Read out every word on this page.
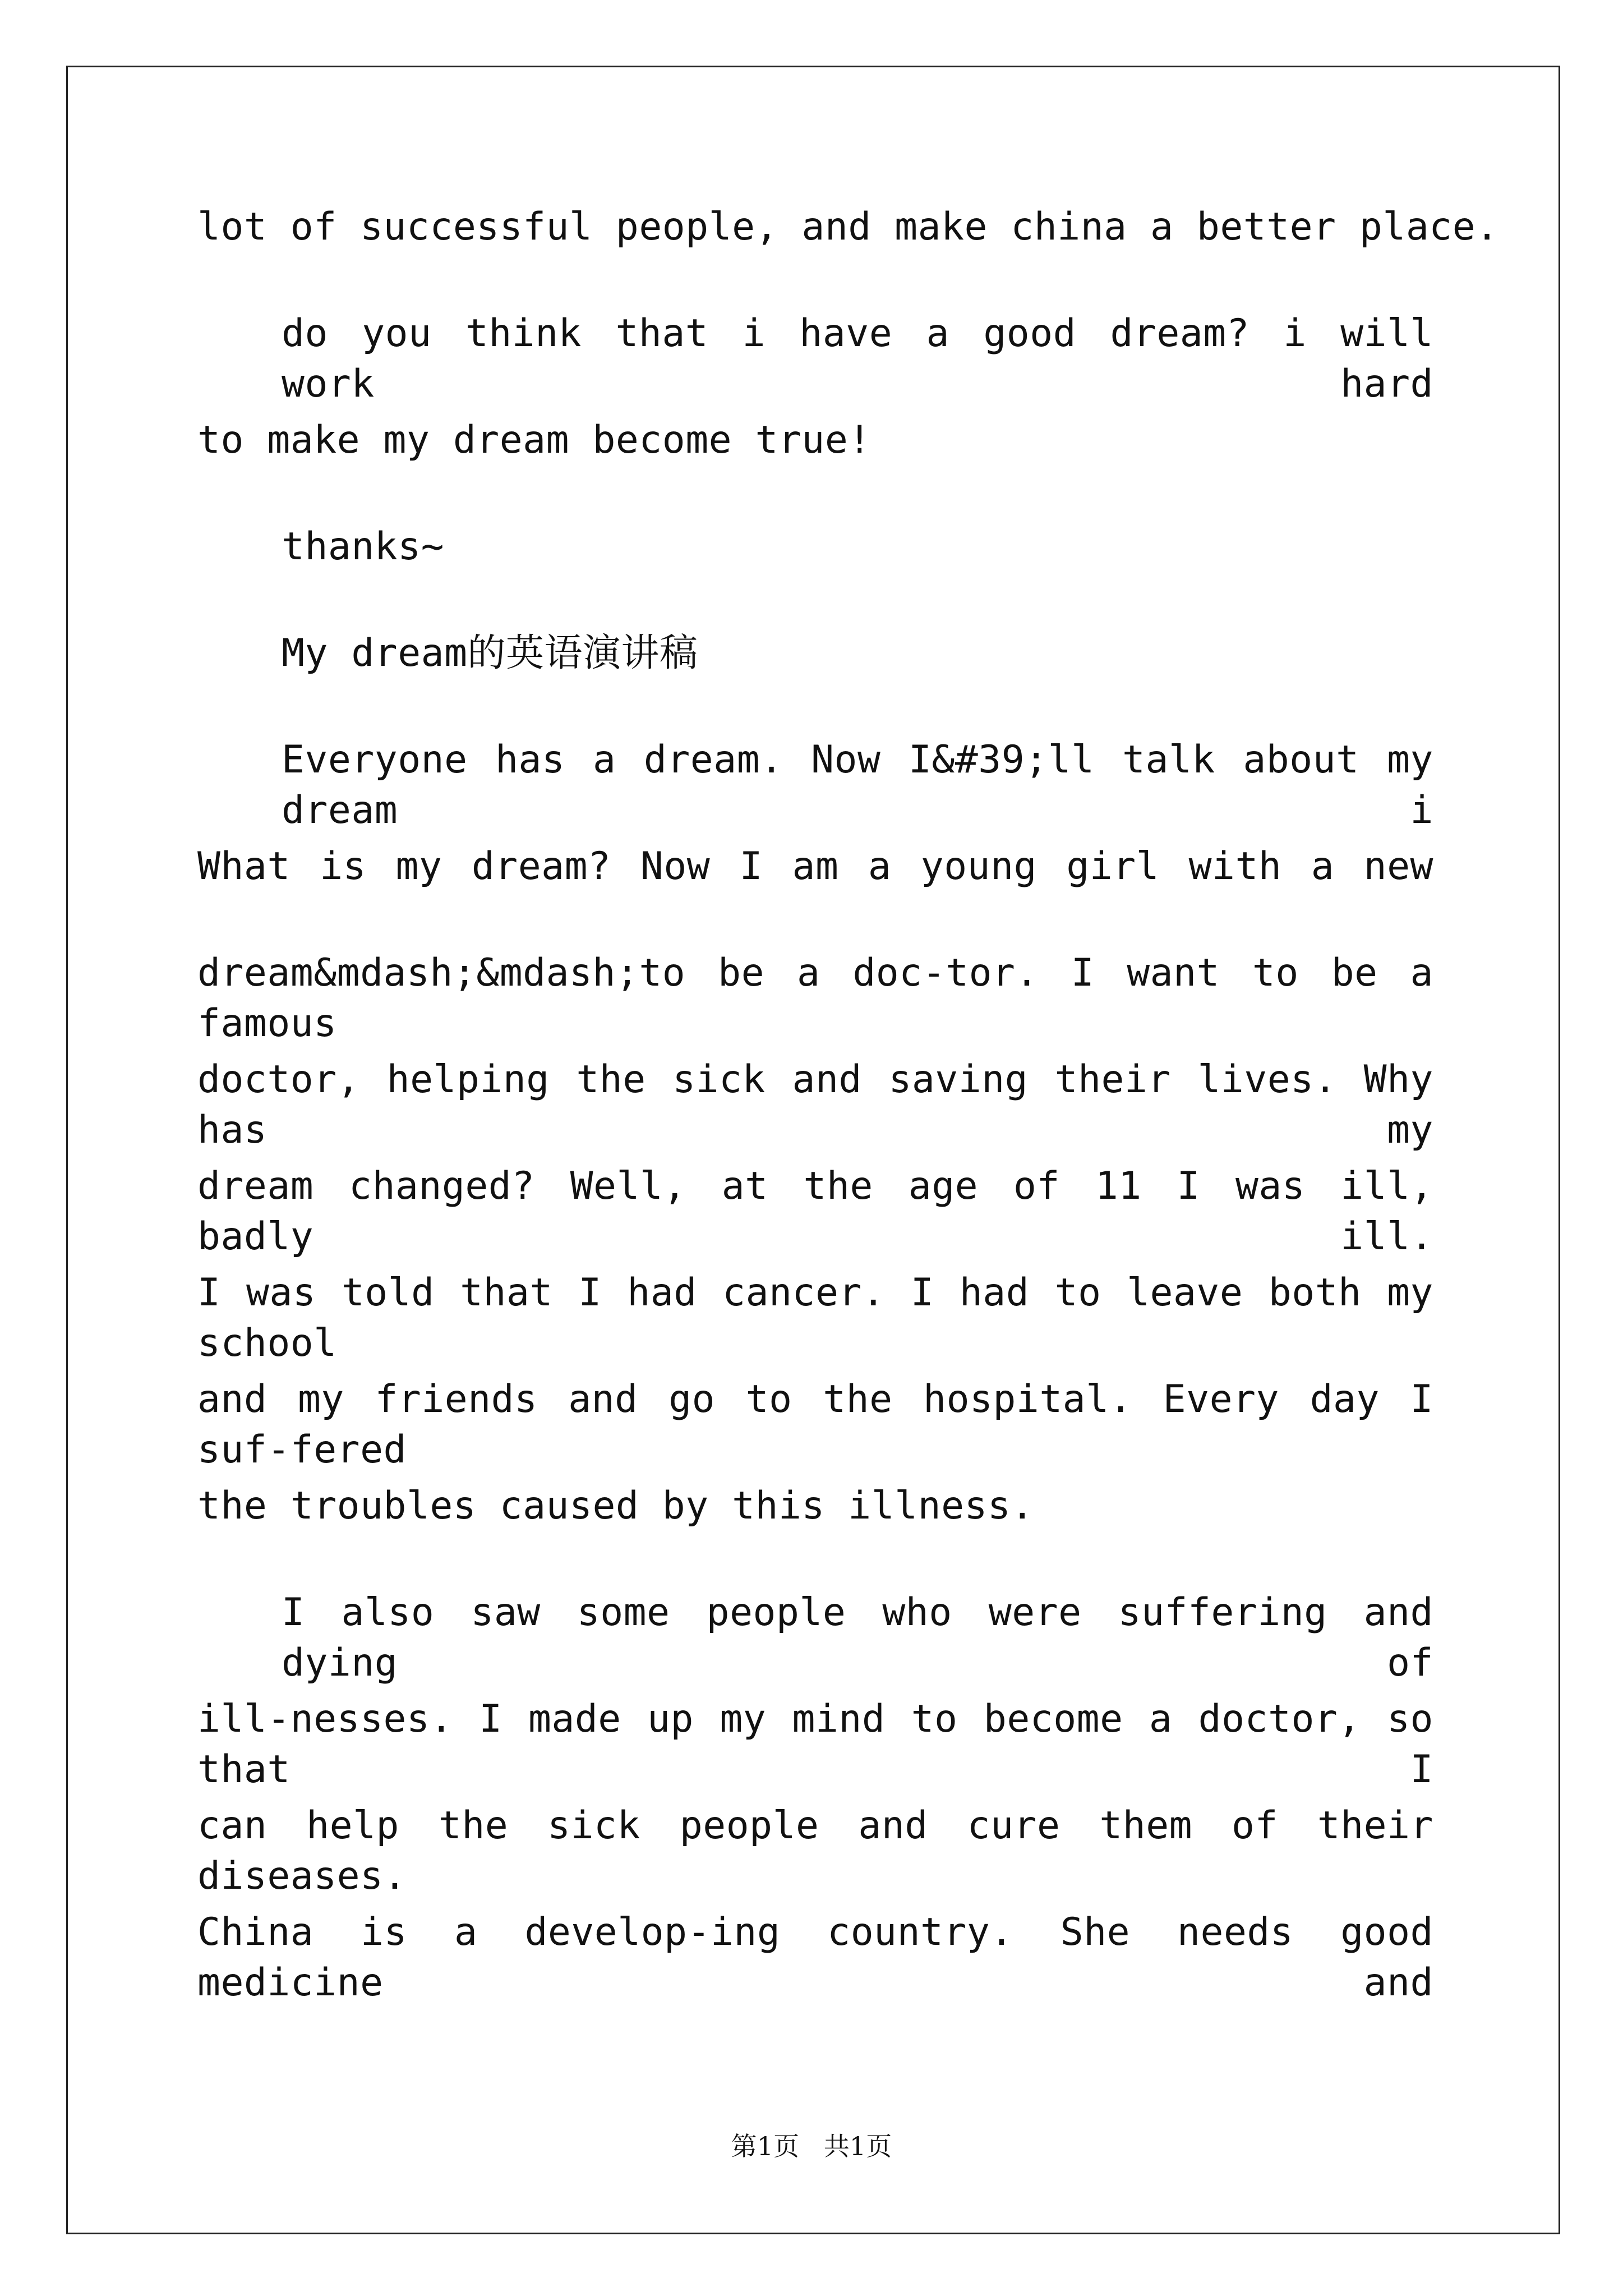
lot of successful people, and make china a better place.
do you think that i have a good dream? i will work hard
to make my dream become true!
thanks~
My dream的英语演讲稿
Everyone has a dream. Now I&#39;ll talk about my dream i
What is my dream? Now I am a young girl with a new
dream&mdash;&mdash;to be a doc-tor. I want to be a famous
doctor, helping the sick and saving their lives. Why has my
dream changed? Well, at the age of 11 I was ill, badly ill.
I was told that I had cancer. I had to leave both my school
and my friends and go to the hospital. Every day I suf-fered
the troubles caused by this illness.
I also saw some people who were suffering and dying of
ill-nesses. I made up my mind to become a doctor, so that I
can help the sick people and cure them of their diseases.
China is a develop-ing country. She needs good medicine and
第1页   共1页
